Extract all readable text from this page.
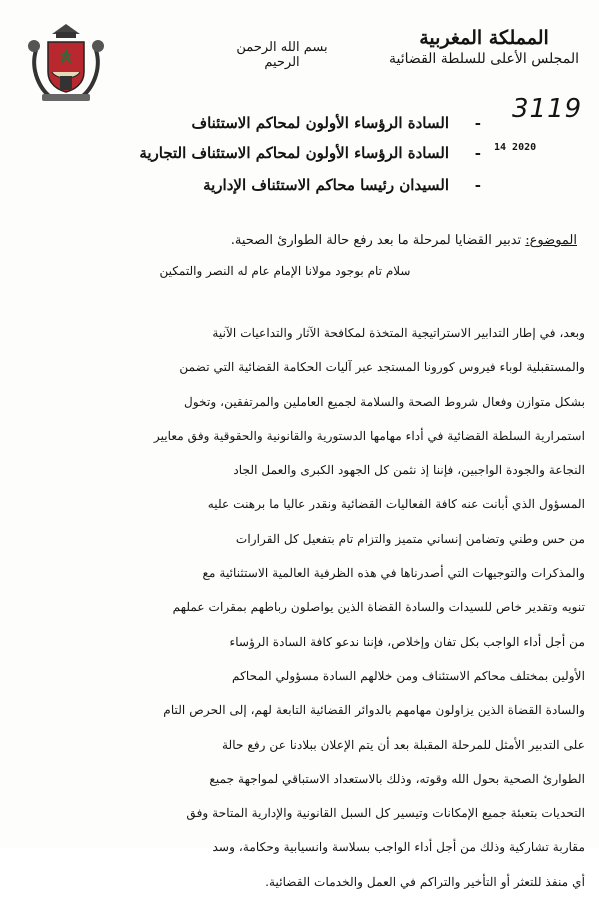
بسم الله الرحمن الرحيم
المملكة المغربية
المجلس الأعلى للسلطة القضائية
3119
14 2020
-
السادة الرؤساء الأولون لمحاكم الاستئناف
-
السادة الرؤساء الأولون لمحاكم الاستئناف التجارية
-
السيدان رئيسا محاكم الاستئناف الإدارية
الموضوع: تدبير القضايا لمرحلة ما بعد رفع حالة الطوارئ الصحية.
سلام تام بوجود مولانا الإمام عام له النصر والتمكين
وبعد، في إطار التدابير الاستراتيجية المتخذة لمكافحة الآثار والتداعيات الآنية
والمستقبلية لوباء فيروس كورونا المستجد عبر آليات الحكامة القضائية التي تضمن
بشكل متوازن وفعال شروط الصحة والسلامة لجميع العاملين والمرتفقين، وتخول
استمرارية السلطة القضائية في أداء مهامها الدستورية والقانونية والحقوقية وفق معايير
النجاعة والجودة الواجبين، فإننا إذ نثمن كل الجهود الكبرى والعمل الجاد
المسؤول الذي أبانت عنه كافة الفعاليات القضائية ونقدر عاليا ما برهنت عليه
من حس وطني وتضامن إنساني متميز والتزام تام بتفعيل كل القرارات
والمذكرات والتوجيهات التي أصدرناها في هذه الظرفية العالمية الاستثنائية مع
تنويه وتقدير خاص للسيدات والسادة القضاة الذين يواصلون رباطهم بمقرات عملهم
من أجل أداء الواجب بكل تفان وإخلاص، فإننا ندعو كافة السادة الرؤساء
الأولين بمختلف محاكم الاستئناف ومن خلالهم السادة مسؤولي المحاكم
والسادة القضاة الذين يزاولون مهامهم بالدوائر القضائية التابعة لهم، إلى الحرص التام
على التدبير الأمثل للمرحلة المقبلة بعد أن يتم الإعلان ببلادنا عن رفع حالة
الطوارئ الصحية بحول الله وقوته، وذلك بالاستعداد الاستباقي لمواجهة جميع
التحديات بتعبئة جميع الإمكانات وتيسير كل السبل القانونية والإدارية المتاحة وفق
مقاربة تشاركية وذلك من أجل أداء الواجب بسلاسة وانسيابية وحكامة، وسد
أي منفذ للتعثر أو التأخير والتراكم في العمل والخدمات القضائية.
